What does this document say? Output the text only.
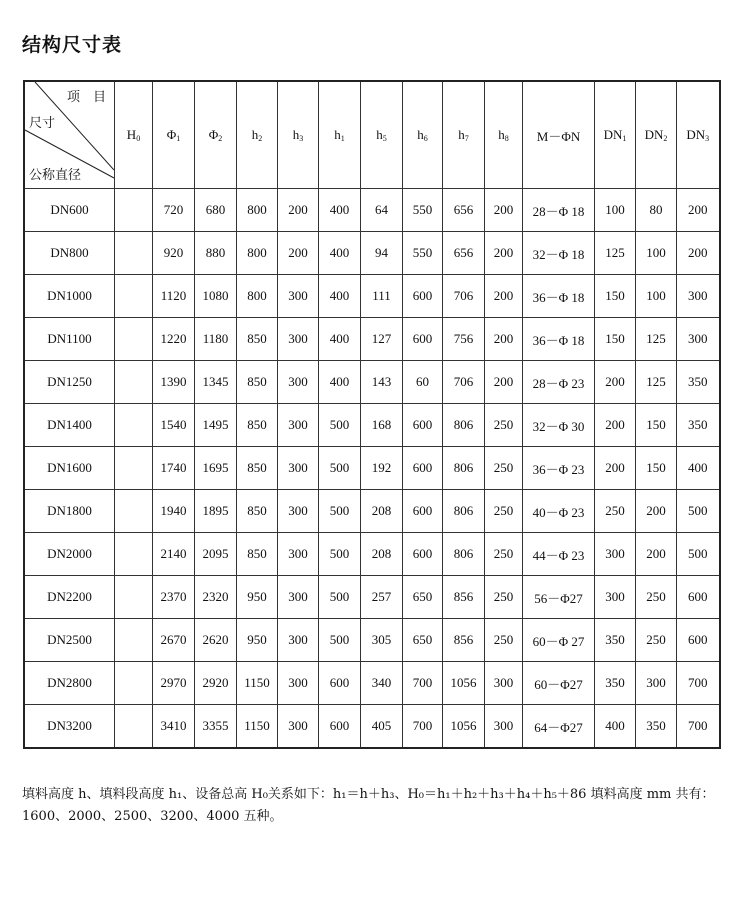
结构尺寸表
项　目
尺寸
公称直径	$H_0$	$\Phi_1$	$\Phi_2$	$h_2$	$h_3$	$h_1$	$h_5$	$h_6$	$h_7$	$h_8$	M－ΦN	$DN_1$	$DN_2$	$DN_3$
DN600		720	680	800	200	400	64	550	656	200	28－Φ 18	100	80	200
DN800		920	880	800	200	400	94	550	656	200	32－Φ 18	125	100	200
DN1000		1120	1080	800	300	400	111	600	706	200	36－Φ 18	150	100	300
DN1100		1220	1180	850	300	400	127	600	756	200	36－Φ 18	150	125	300
DN1250		1390	1345	850	300	400	143	60	706	200	28－Φ 23	200	125	350
DN1400		1540	1495	850	300	500	168	600	806	250	32－Φ 30	200	150	350
DN1600		1740	1695	850	300	500	192	600	806	250	36－Φ 23	200	150	400
DN1800		1940	1895	850	300	500	208	600	806	250	40－Φ 23	250	200	500
DN2000		2140	2095	850	300	500	208	600	806	250	44－Φ 23	300	200	500
DN2200		2370	2320	950	300	500	257	650	856	250	56－Φ27	300	250	600
DN2500		2670	2620	950	300	500	305	650	856	250	60－Φ 27	350	250	600
DN2800		2970	2920	1150	300	600	340	700	1056	300	60－Φ27	350	300	700
DN3200		3410	3355	1150	300	600	405	700	1056	300	64－Φ27	400	350	700
填料高度 h、填料段高度 h₁、设备总高 H₀关系如下：h₁＝h＋h₃、H₀＝h₁＋h₂＋h₃＋h₄＋h₅＋86 填料高度 mm 共有：1600、2000、2500、3200、4000 五种。
